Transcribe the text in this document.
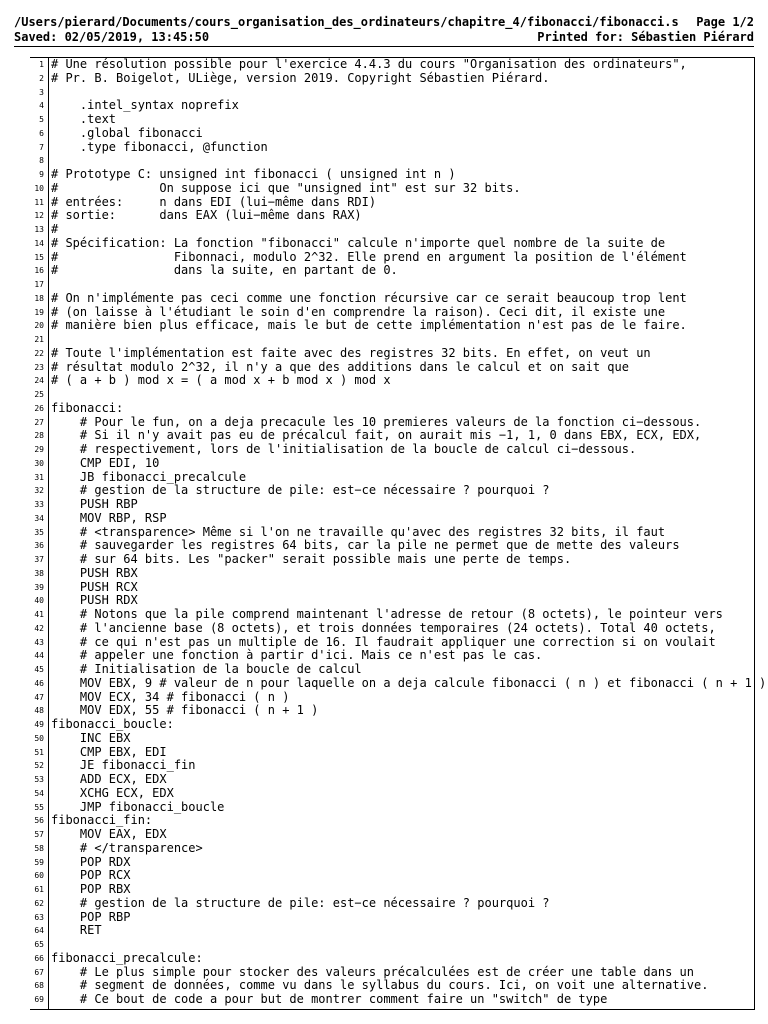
/Users/pierard/Documents/cours_organisation_des_ordinateurs/chapitre_4/fibonacci/fibonacci.s Page 1/2
Saved: 02/05/2019, 13:45:50	Printed for: Sébastien Piérard
1 # Une résolution possible pour l'exercice 4.4.3 du cours "Organisation des ordinateurs",
2 # Pr. B. Boigelot, ULiège, version 2019. Copyright Sébastien Piérard.
3
4 .intel_syntax noprefix
5 .text
6 .global fibonacci
7 .type fibonacci, @function
8
9 # Prototype C: unsigned int fibonacci ( unsigned int n )
10 #              On suppose ici que "unsigned int" est sur 32 bits.
11 # entrées:     n dans EDI (lui−même dans RDI)
12 # sortie:      dans EAX (lui−même dans RAX)
13 #
14 # Spécification: La fonction "fibonacci" calcule n'importe quel nombre de la suite de
15 #                Fibonnaci, modulo 2^32. Elle prend en argument la position de l'élément
16 #                dans la suite, en partant de 0.
17
18 # On n'implémente pas ceci comme une fonction récursive car ce serait beaucoup trop lent
19 # (on laisse à l'étudiant le soin d'en comprendre la raison). Ceci dit, il existe une
20 # manière bien plus efficace, mais le but de cette implémentation n'est pas de le faire.
21
22 # Toute l'implémentation est faite avec des registres 32 bits. En effet, on veut un
23 # résultat modulo 2^32, il n'y a que des additions dans le calcul et on sait que
24 # ( a + b ) mod x = ( a mod x + b mod x ) mod x
25
26 fibonacci:
27 # Pour le fun, on a deja precacule les 10 premieres valeurs de la fonction ci−dessous.
28 # Si il n'y avait pas eu de précalcul fait, on aurait mis −1, 1, 0 dans EBX, ECX, EDX,
29 # respectivement, lors de l'initialisation de la boucle de calcul ci−dessous.
30 CMP EDI, 10
31 JB fibonacci_precalcule
32 # gestion de la structure de pile: est−ce nécessaire ? pourquoi ?
33 PUSH RBP
34 MOV RBP, RSP
35 # <transparence> Même si l'on ne travaille qu'avec des registres 32 bits, il faut
36 # sauvegarder les registres 64 bits, car la pile ne permet que de mette des valeurs
37 # sur 64 bits. Les "packer" serait possible mais une perte de temps.
38 PUSH RBX
39 PUSH RCX
40 PUSH RDX
41 # Notons que la pile comprend maintenant l'adresse de retour (8 octets), le pointeur vers
42 # l'ancienne base (8 octets), et trois données temporaires (24 octets). Total 40 octets,
43 # ce qui n'est pas un multiple de 16. Il faudrait appliquer une correction si on voulait
44 # appeler une fonction à partir d'ici. Mais ce n'est pas le cas.
45 # Initialisation de la boucle de calcul
46 MOV EBX, 9 # valeur de n pour laquelle on a deja calcule fibonacci ( n ) et fibonacci ( n + 1 )
47 MOV ECX, 34 # fibonacci ( n )
48 MOV EDX, 55 # fibonacci ( n + 1 )
49 fibonacci_boucle:
50 INC EBX
51 CMP EBX, EDI
52 JE fibonacci_fin
53 ADD ECX, EDX
54 XCHG ECX, EDX
55 JMP fibonacci_boucle
56 fibonacci_fin:
57 MOV EAX, EDX
58 # </transparence>
59 POP RDX
60 POP RCX
61 POP RBX
62 # gestion de la structure de pile: est−ce nécessaire ? pourquoi ?
63 POP RBP
64 RET
65
66 fibonacci_precalcule:
67 # Le plus simple pour stocker des valeurs précalculées est de créer une table dans un
68 # segment de données, comme vu dans le syllabus du cours. Ici, on voit une alternative.
69 # Ce bout de code a pour but de montrer comment faire un "switch" de type
